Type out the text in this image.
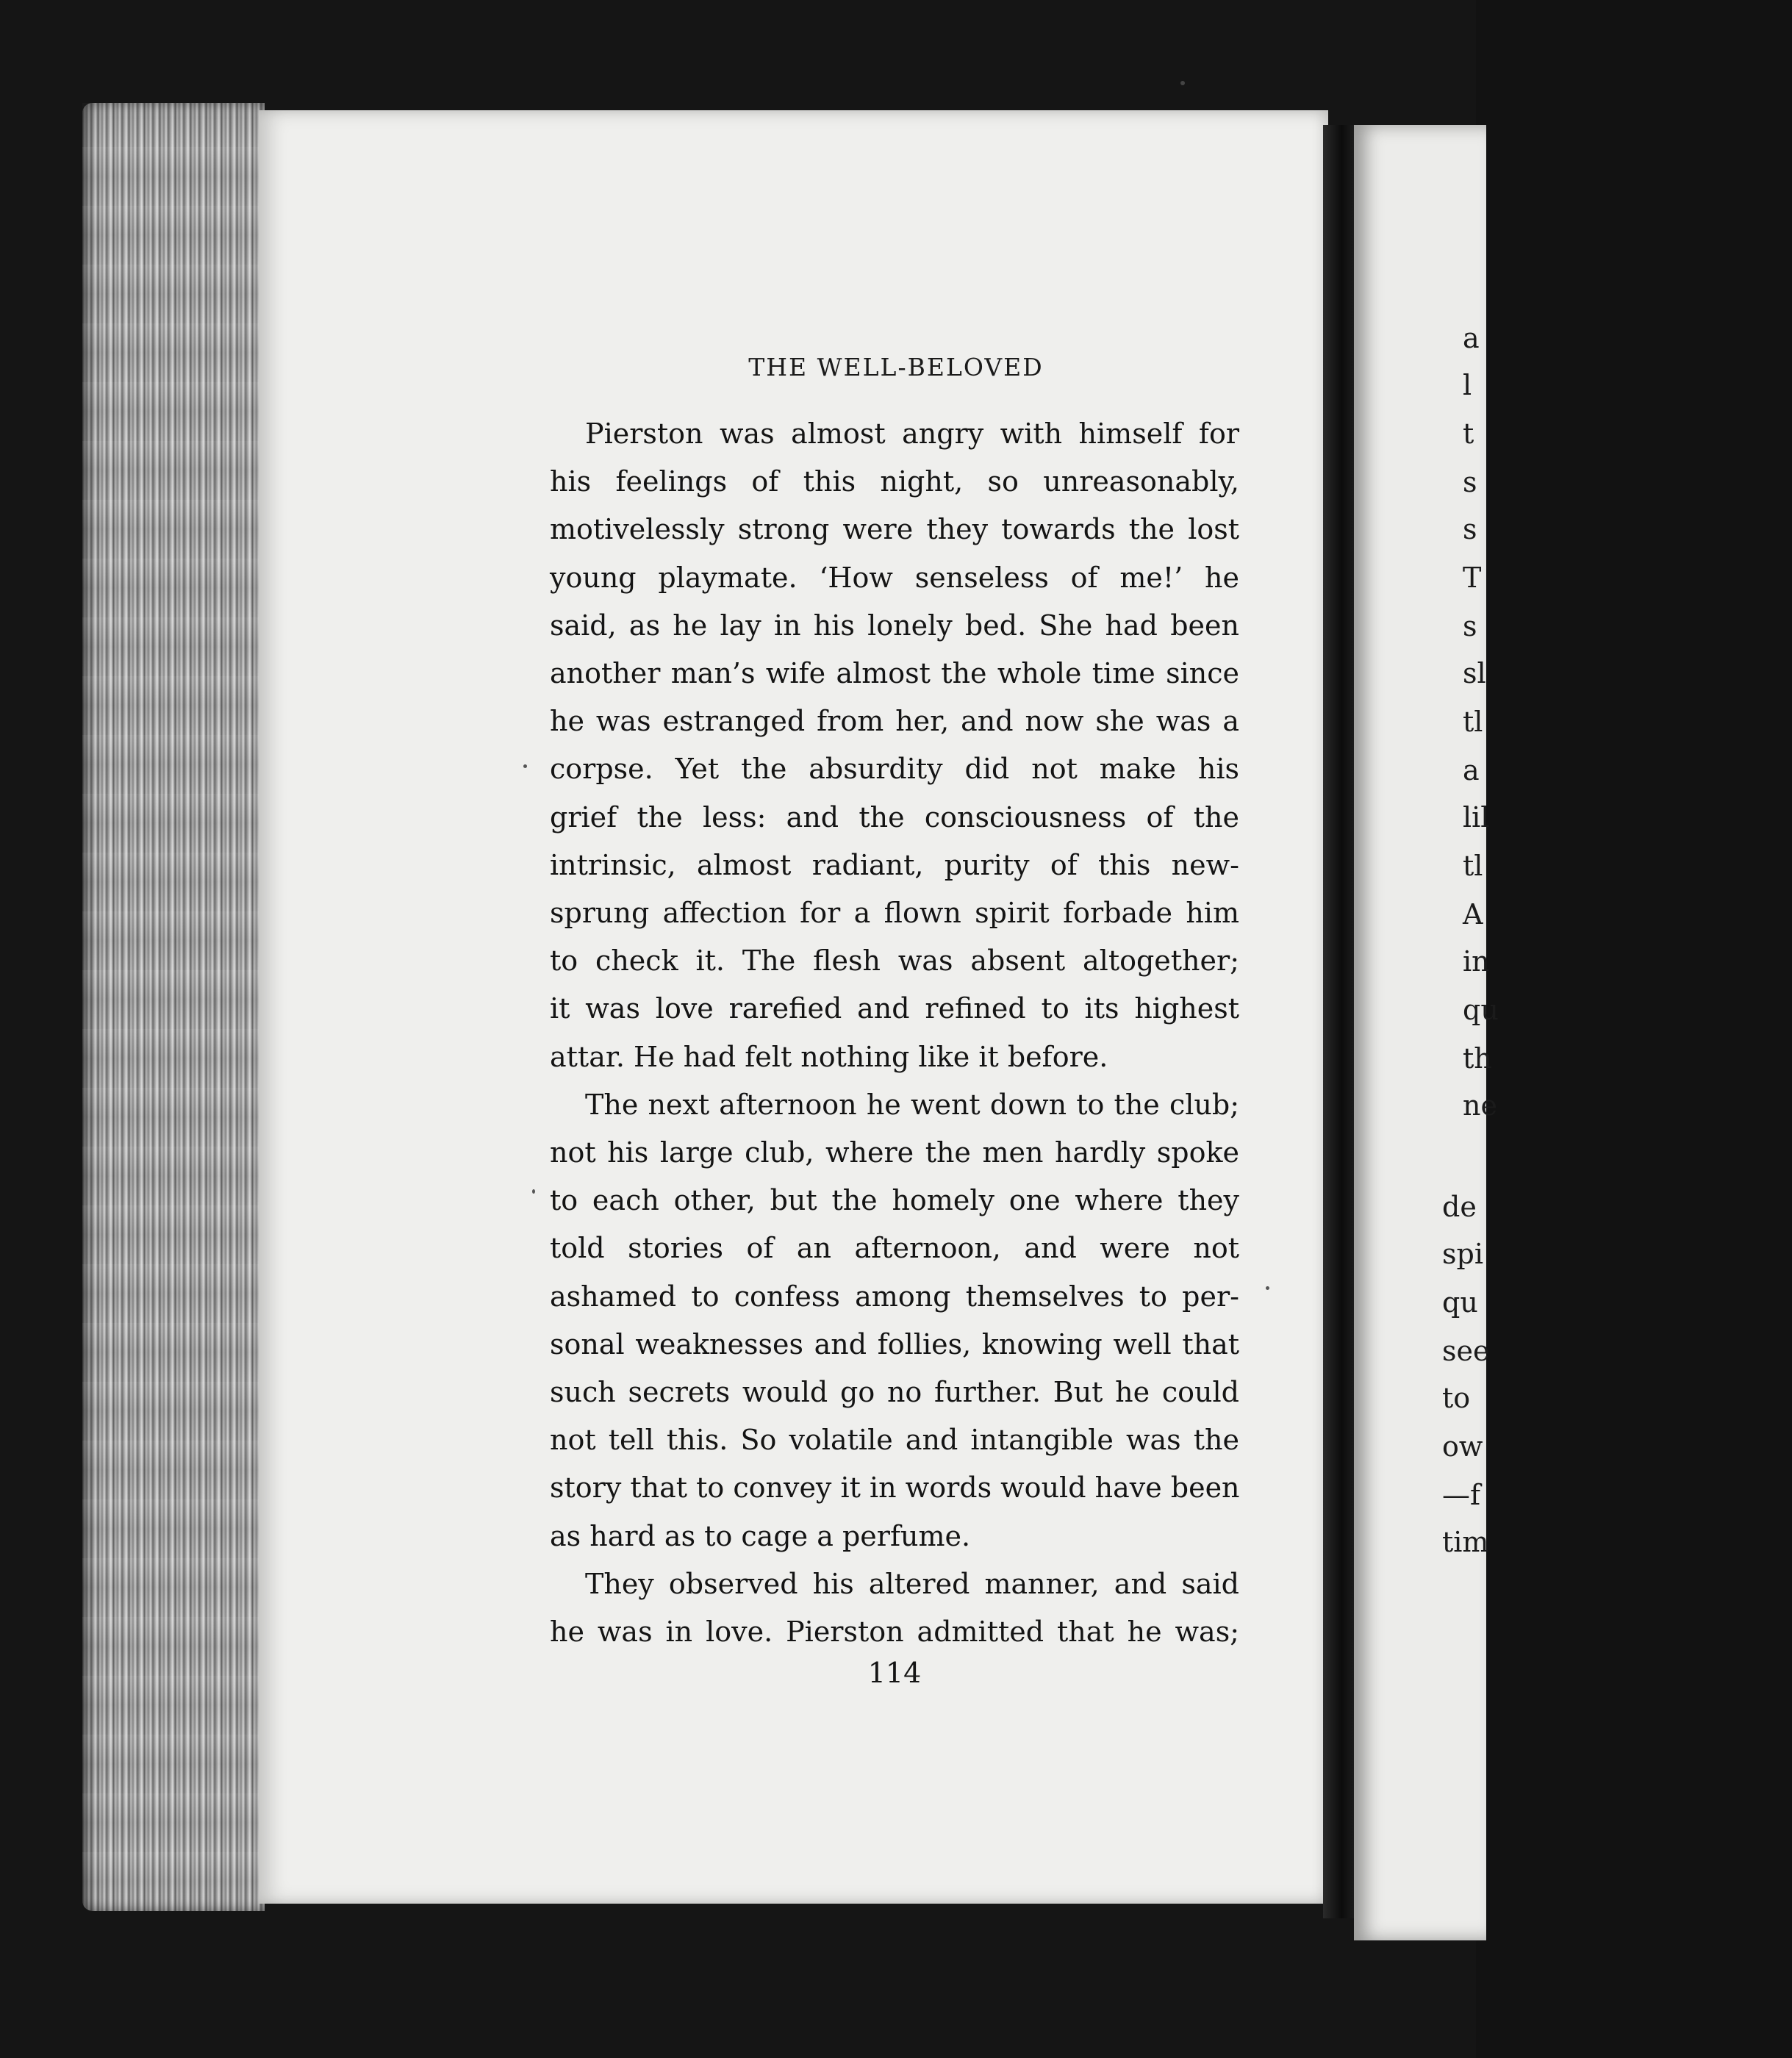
a
l
t
s
s
T
s
sl
tl
a
lil
tl
A
in
qu
th
ne
de
spi
qu
see
to
ow
—f
tim
THE WELL-BELOVED

Pierston was almost angry with himself for

his feelings of this night, so unreasonably,

motivelessly strong were they towards the lost

young playmate. ‘How senseless of me!’ he

said, as he lay in his lonely bed. She had been

another man’s wife almost the whole time since

he was estranged from her, and now she was a

corpse. Yet the absurdity did not make his

grief the less: and the consciousness of the

intrinsic, almost radiant, purity of this new-

sprung affection for a flown spirit forbade him

to check it. The flesh was absent altogether;

it was love rarefied and refined to its highest

attar. He had felt nothing like it before.

The next afternoon he went down to the club;

not his large club, where the men hardly spoke

to each other, but the homely one where they

told stories of an afternoon, and were not

ashamed to confess among themselves to per-

sonal weaknesses and follies, knowing well that

such secrets would go no further. But he could

not tell this. So volatile and intangible was the

story that to convey it in words would have been

as hard as to cage a perfume.

They observed his altered manner, and said

he was in love. Pierston admitted that he was;

114
